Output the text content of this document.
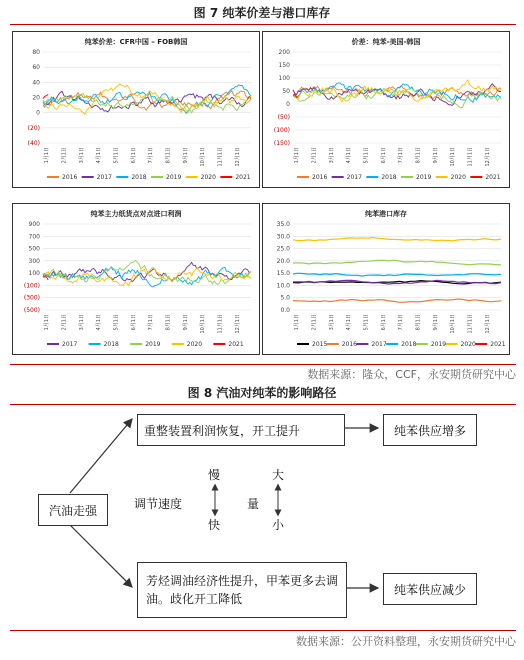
图 7 纯苯价差与港口库存
纯苯价差：CFR中国 – FOB韩国
80
60
40
20
0
(20)
(40)
1月1日 2月1日 3月1日 4月1日 5月1日 6月1日 7月1日 8月1日 9月1日 10月1日 11月1日 12月1日
2016	2017	2018	2019	2020	2021
价差：纯苯-美国-韩国
200
150
100
50
0
(50)
(100)
(150)
1月1日 2月1日 3月1日 4月1日 5月1日 6月1日 7月1日 8月1日 9月1日 10月1日 11月1日 12月1日
2016	2017	2018	2019	2020	2021
纯苯主力纸货点对点进口利润
900
700
500
300
100
(100)
(300)
(500)
1月1日 2月1日 3月1日 4月1日 5月1日 6月1日 7月1日 8月1日 9月1日 10月1日 11月1日 12月1日
2017	2018	2019	2020	2021
纯苯港口库存
35.0
30.0
25.0
20.0
15.0
10.0
5.0
0.0
1月1日 2月1日 3月1日 4月1日 5月1日 6月1日 7月1日 8月1日 9月1日 10月1日 11月1日 12月1日
2015 2016 2017 2018 2019 2020 2021
数据来源：隆众，CCF，永安期货研究中心
图 8 汽油对纯苯的影响路径
汽油走强
重整装置利润恢复，开工提升	纯苯供应增多
芳烃调油经济性提升，甲苯更多去调油。歧化开工降低
纯苯供应减少
调节速度
慢
快
量
大
小
数据来源：公开资料整理，永安期货研究中心
